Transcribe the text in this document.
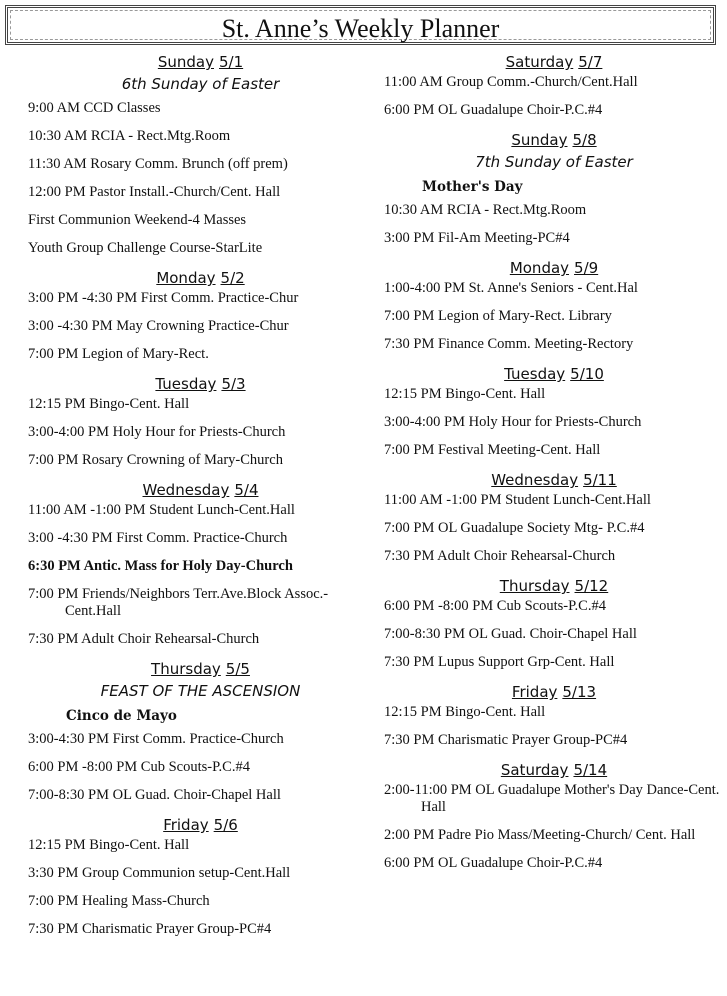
St. Anne’s Weekly Planner
Sunday 5/1
6th Sunday of Easter
9:00 AM CCD Classes
10:30 AM RCIA - Rect.Mtg.Room
11:30 AM Rosary Comm. Brunch (off prem)
12:00 PM Pastor Install.-Church/Cent. Hall
First Communion Weekend-4 Masses
Youth Group Challenge Course-StarLite
Monday 5/2
3:00 PM -4:30 PM First Comm. Practice-Chur
3:00 -4:30 PM May Crowning Practice-Chur
7:00 PM Legion of Mary-Rect.
Tuesday 5/3
12:15 PM Bingo-Cent. Hall
3:00-4:00 PM Holy Hour for Priests-Church
7:00 PM Rosary Crowning of Mary-Church
Wednesday 5/4
11:00 AM -1:00 PM Student Lunch-Cent.Hall
3:00 -4:30 PM First Comm. Practice-Church
6:30 PM Antic. Mass for Holy Day-Church
7:00 PM Friends/Neighbors Terr.Ave.Block Assoc.-Cent.Hall
7:30 PM Adult Choir Rehearsal-Church
Thursday 5/5
FEAST OF THE ASCENSION
Cinco de Mayo
3:00-4:30 PM First Comm. Practice-Church
6:00 PM -8:00 PM Cub Scouts-P.C.#4
7:00-8:30 PM OL Guad. Choir-Chapel Hall
Friday 5/6
12:15 PM Bingo-Cent. Hall
3:30 PM Group Communion setup-Cent.Hall
7:00 PM Healing Mass-Church
7:30 PM Charismatic Prayer Group-PC#4
Saturday 5/7
11:00 AM Group Comm.-Church/Cent.Hall
6:00 PM OL Guadalupe Choir-P.C.#4
Sunday 5/8
7th Sunday of Easter
Mother's Day
10:30 AM RCIA - Rect.Mtg.Room
3:00 PM Fil-Am Meeting-PC#4
Monday 5/9
1:00-4:00 PM St. Anne's Seniors - Cent.Hal
7:00 PM Legion of Mary-Rect. Library
7:30 PM Finance Comm. Meeting-Rectory
Tuesday 5/10
12:15 PM Bingo-Cent. Hall
3:00-4:00 PM Holy Hour for Priests-Church
7:00 PM Festival Meeting-Cent. Hall
Wednesday 5/11
11:00 AM -1:00 PM Student Lunch-Cent.Hall
7:00 PM OL Guadalupe Society Mtg- P.C.#4
7:30 PM Adult Choir Rehearsal-Church
Thursday 5/12
6:00 PM -8:00 PM Cub Scouts-P.C.#4
7:00-8:30 PM OL Guad. Choir-Chapel Hall
7:30 PM Lupus Support Grp-Cent. Hall
Friday 5/13
12:15 PM Bingo-Cent. Hall
7:30 PM Charismatic Prayer Group-PC#4
Saturday 5/14
2:00-11:00 PM OL Guadalupe Mother's Day Dance-Cent. Hall
2:00 PM Padre Pio Mass/Meeting-Church/ Cent. Hall
6:00 PM OL Guadalupe Choir-P.C.#4
